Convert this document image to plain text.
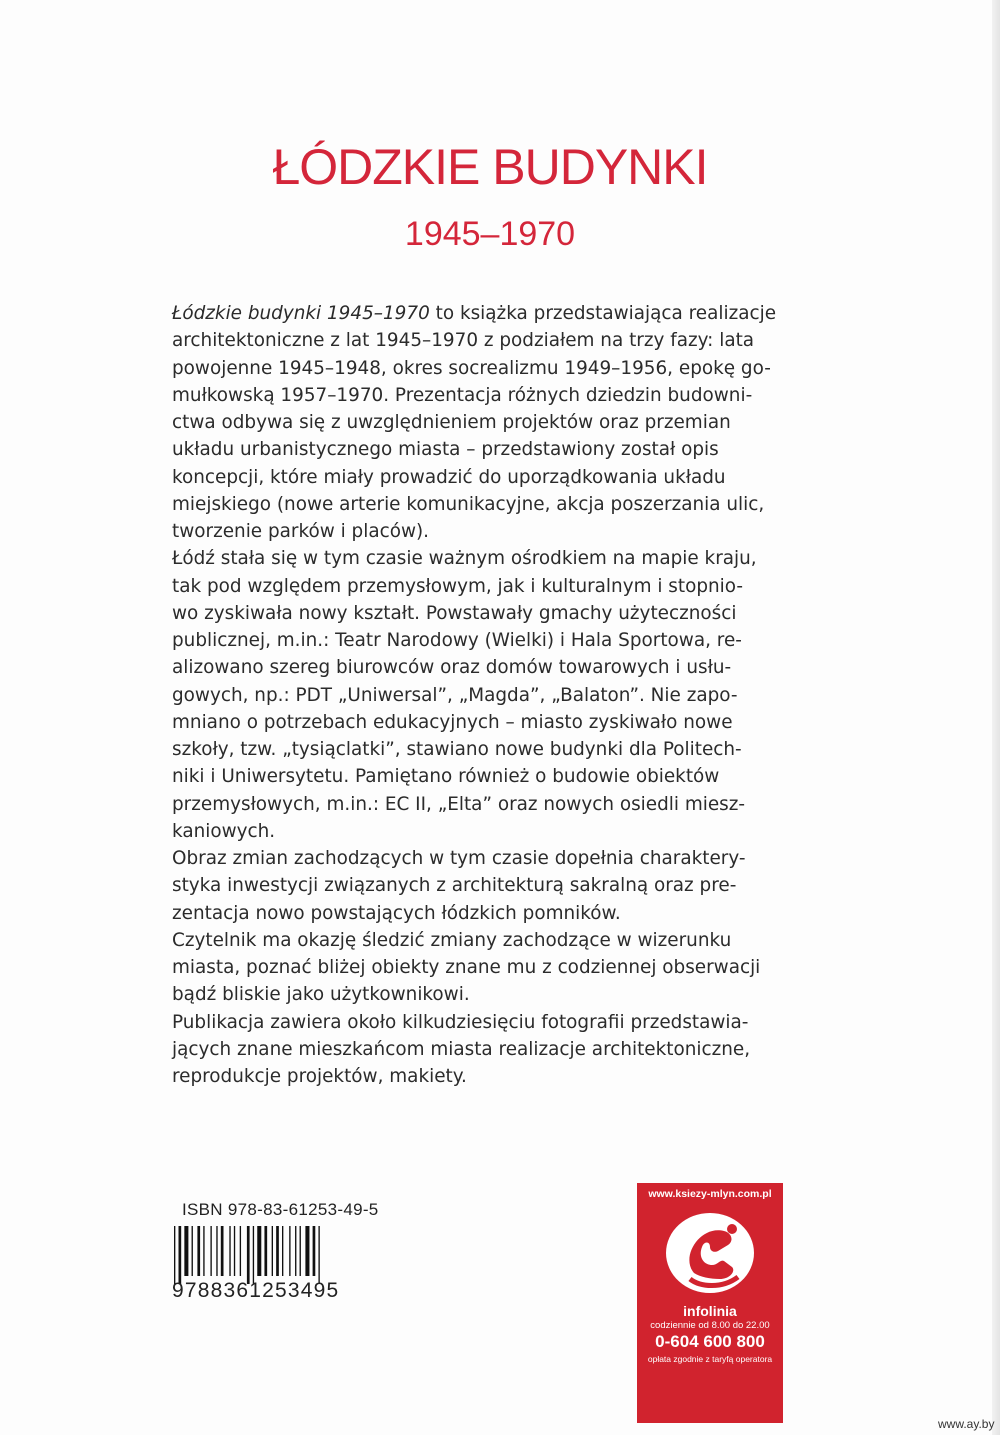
ŁÓDZKIE BUDYNKI
1945–1970
Łódzkie budynki 1945–1970 to książka przedstawiająca realizacje
architektoniczne z lat 1945–1970 z podziałem na trzy fazy: lata
powojenne 1945–1948, okres socrealizmu 1949–1956, epokę go-
mułkowską 1957–1970. Prezentacja różnych dziedzin budowni-
ctwa odbywa się z uwzględnieniem projektów oraz przemian
układu urbanistycznego miasta – przedstawiony został opis
koncepcji, które miały prowadzić do uporządkowania układu
miejskiego (nowe arterie komunikacyjne, akcja poszerzania ulic,
tworzenie parków i placów).
Łódź stała się w tym czasie ważnym ośrodkiem na mapie kraju,
tak pod względem przemysłowym, jak i kulturalnym i stopnio-
wo zyskiwała nowy kształt. Powstawały gmachy użyteczności
publicznej, m.in.: Teatr Narodowy (Wielki) i Hala Sportowa, re-
alizowano szereg biurowców oraz domów towarowych i usłu-
gowych, np.: PDT „Uniwersal”, „Magda”, „Balaton”. Nie zapo-
mniano o potrzebach edukacyjnych – miasto zyskiwało nowe
szkoły, tzw. „tysiąclatki”, stawiano nowe budynki dla Politech-
niki i Uniwersytetu. Pamiętano również o budowie obiektów
przemysłowych, m.in.: EC II, „Elta” oraz nowych osiedli miesz-
kaniowych.
Obraz zmian zachodzących w tym czasie dopełnia charaktery-
styka inwestycji związanych z architekturą sakralną oraz pre-
zentacja nowo powstających łódzkich pomników.
Czytelnik ma okazję śledzić zmiany zachodzące w wizerunku
miasta, poznać bliżej obiekty znane mu z codziennej obserwacji
bądź bliskie jako użytkownikowi.
Publikacja zawiera około kilkudziesięciu fotografii przedstawia-
jących znane mieszkańcom miasta realizacje architektoniczne,
reprodukcje projektów, makiety.
ISBN 978-83-61253-49-5
9788361253495
www.ksiezy-mlyn.com.pl
infolinia
codziennie od 8.00 do 22.00
0-604 600 800
opłata zgodnie z taryfą operatora
www.ay.by
